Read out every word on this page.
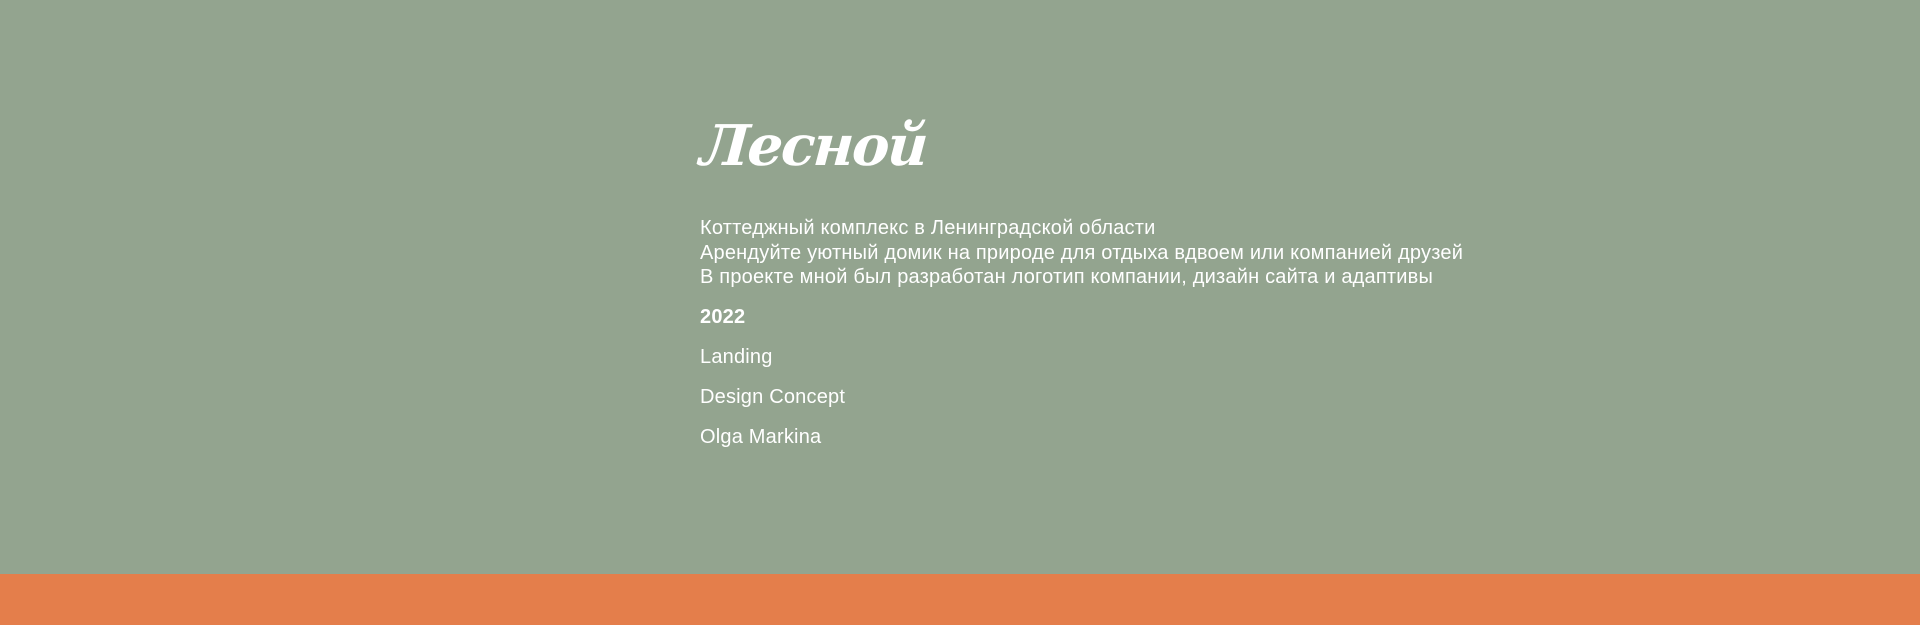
Лесной

Коттеджный комплекс в Ленинградской области

Арендуйте уютный домик на природе для отдыха вдвоем или компанией друзей

В проекте мной был разработан логотип компании, дизайн сайта и адаптивы

2022
Landing
Design Concept
Olga Markina
